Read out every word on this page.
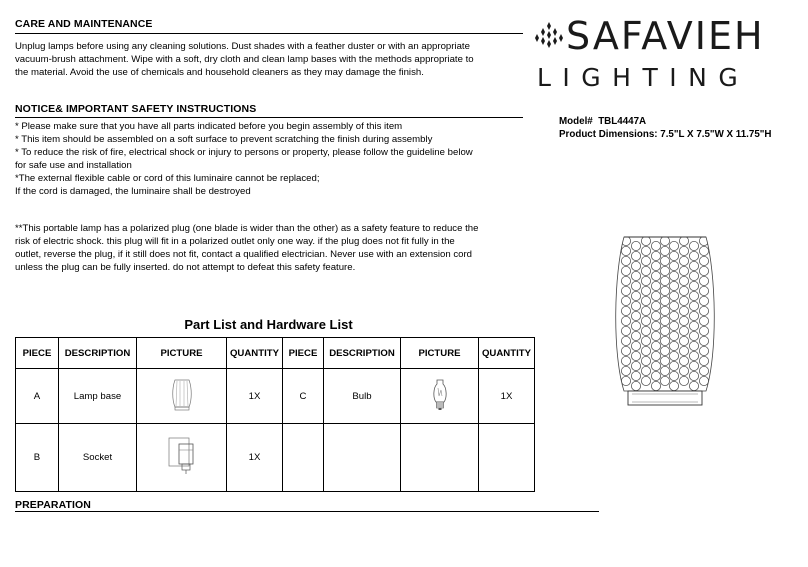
CARE AND MAINTENANCE
Unplug lamps before using any cleaning solutions. Dust shades with a feather duster or with an appropriate
vacuum-brush attachment. Wipe with a soft, dry cloth and clean lamp bases with the methods appropriate to
the material. Avoid the use of chemicals and household cleaners as they may damage the finish.
NOTICE& IMPORTANT SAFETY INSTRUCTIONS
* Please make sure that you have all parts indicated before you begin assembly of this item
* This item should be assembled on a soft surface to prevent scratching the finish during assembly
* To reduce the risk of fire, electrical shock or injury to persons or property, please follow the guideline below
for safe use and installation
*The external flexible cable or cord of this luminaire cannot be replaced;
If the cord is damaged, the luminaire shall be destroyed
**This portable lamp has a polarized plug (one blade is wider than the other) as a safety feature to reduce the
risk of electric shock. this plug will fit in a polarized outlet only one way. if the plug does not fit fully in the
outlet, reverse the plug, if it still does not fit, contact a qualified electrician. Never use with an extension cord
unless the plug can be fully inserted. do not attempt to defeat this safety feature.
SAFAVIEH
LIGHTING
Model# TBL4447A
Product Dimensions: 7.5"L X 7.5"W X 11.75"H
Part List and Hardware List
PIECE	DESCRIPTION	PICTURE	QUANTITY	PIECE	DESCRIPTION	PICTURE	QUANTITY
A	Lamp base		1X	C	Bulb		1X
B	Socket		1X				
PREPARATION
